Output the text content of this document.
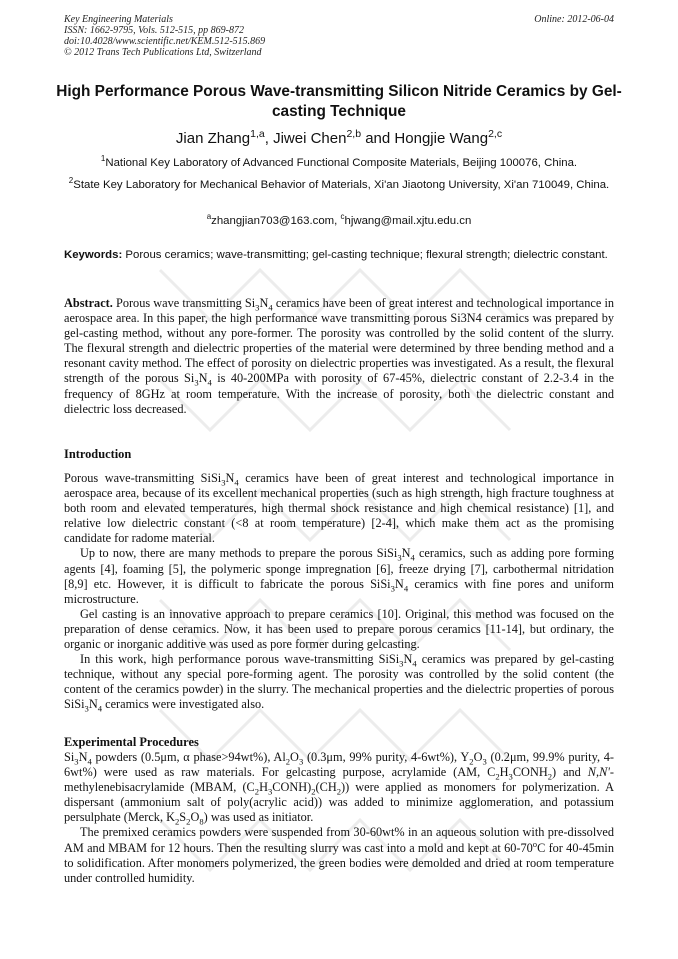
Key Engineering Materials
ISSN: 1662-9795, Vols. 512-515, pp 869-872
doi:10.4028/www.scientific.net/KEM.512-515.869
© 2012 Trans Tech Publications Ltd, Switzerland
Online: 2012-06-04
High Performance Porous Wave-transmitting Silicon Nitride Ceramics by Gel-casting Technique
Jian Zhang$^{1,a}$, Jiwei Chen$^{2,b}$ and Hongjie Wang$^{2,c}$
$^1$National Key Laboratory of Advanced Functional Composite Materials, Beijing 100076, China.
$^2$State Key Laboratory for Mechanical Behavior of Materials, Xi'an Jiaotong University, Xi'an 710049, China.
$^a$zhangjian703@163.com, $^c$hjwang@mail.xjtu.edu.cn
Keywords: Porous ceramics; wave-transmitting; gel-casting technique; flexural strength; dielectric constant.

Abstract. Porous wave transmitting $Si_3N_4$ ceramics have been of great interest and technological importance in aerospace area. In this paper, the high performance wave transmitting porous Si3N4 ceramics was prepared by gel-casting method, without any pore-former. The porosity was controlled by the solid content of the slurry. The flexural strength and dielectric properties of the material were determined by three bending method and a resonant cavity method. The effect of porosity on dielectric properties was investigated. As a result, the flexural strength of the porous $Si_3N_4$ is 40-200MPa with porosity of 67-45%, dielectric constant of 2.2-3.4 in the frequency of 8GHz at room temperature. With the increase of porosity, both the dielectric constant and dielectric loss decreased.

Introduction

Porous wave-transmitting $SiSi_3N_4$ ceramics have been of great interest and technological importance in aerospace area, because of its excellent mechanical properties (such as high strength, high fracture toughness at both room and elevated temperatures, high thermal shock resistance and high chemical resistance) [1], and relative low dielectric constant (<8 at room temperature) [2-4], which make them act as the promising candidate for radome material.

Up to now, there are many methods to prepare the porous $SiSi_3N_4$ ceramics, such as adding pore forming agents [4], foaming [5], the polymeric sponge impregnation [6], freeze drying [7], carbothermal nitridation [8,9] etc. However, it is difficult to fabricate the porous $SiSi_3N_4$ ceramics with fine pores and uniform microstructure.

Gel casting is an innovative approach to prepare ceramics [10]. Original, this method was focused on the preparation of dense ceramics. Now, it has been used to prepare porous ceramics [11-14], but ordinary, the organic or inorganic additive was used as pore former during gelcasting.

In this work, high performance porous wave-transmitting $SiSi_3N_4$ ceramics was prepared by gel-casting technique, without any special pore-forming agent. The porosity was controlled by the solid content (the content of the ceramics powder) in the slurry. The mechanical properties and the dielectric properties of porous $SiSi_3N_4$ ceramics were investigated also.

Experimental Procedures

$Si_3N_4$ powders (0.5μm, α phase>94wt%), $Al_2O_3$ (0.3μm, 99% purity, 4-6wt%), $Y_2O_3$ (0.2μm, 99.9% purity, 4-6wt%) were used as raw materials. For gelcasting purpose, acrylamide (AM, $C_2H_3CONH_2$) and N,N'-methylenebisacrylamide (MBAM, $(C_2H_3CONH)_2(CH_2)$) were applied as monomers for polymerization. A dispersant (ammonium salt of poly(acrylic acid)) was added to minimize agglomeration, and potassium persulphate (Merck, $K_2S_2O_8$) was used as initiator.

The premixed ceramics powders were suspended from 30-60wt% in an aqueous solution with pre-dissolved AM and MBAM for 12 hours. Then the resulting slurry was cast into a mold and kept at 60-70$^o$C for 40-45min to solidification. After monomers polymerized, the green bodies were demolded and dried at room temperature under controlled humidity.
